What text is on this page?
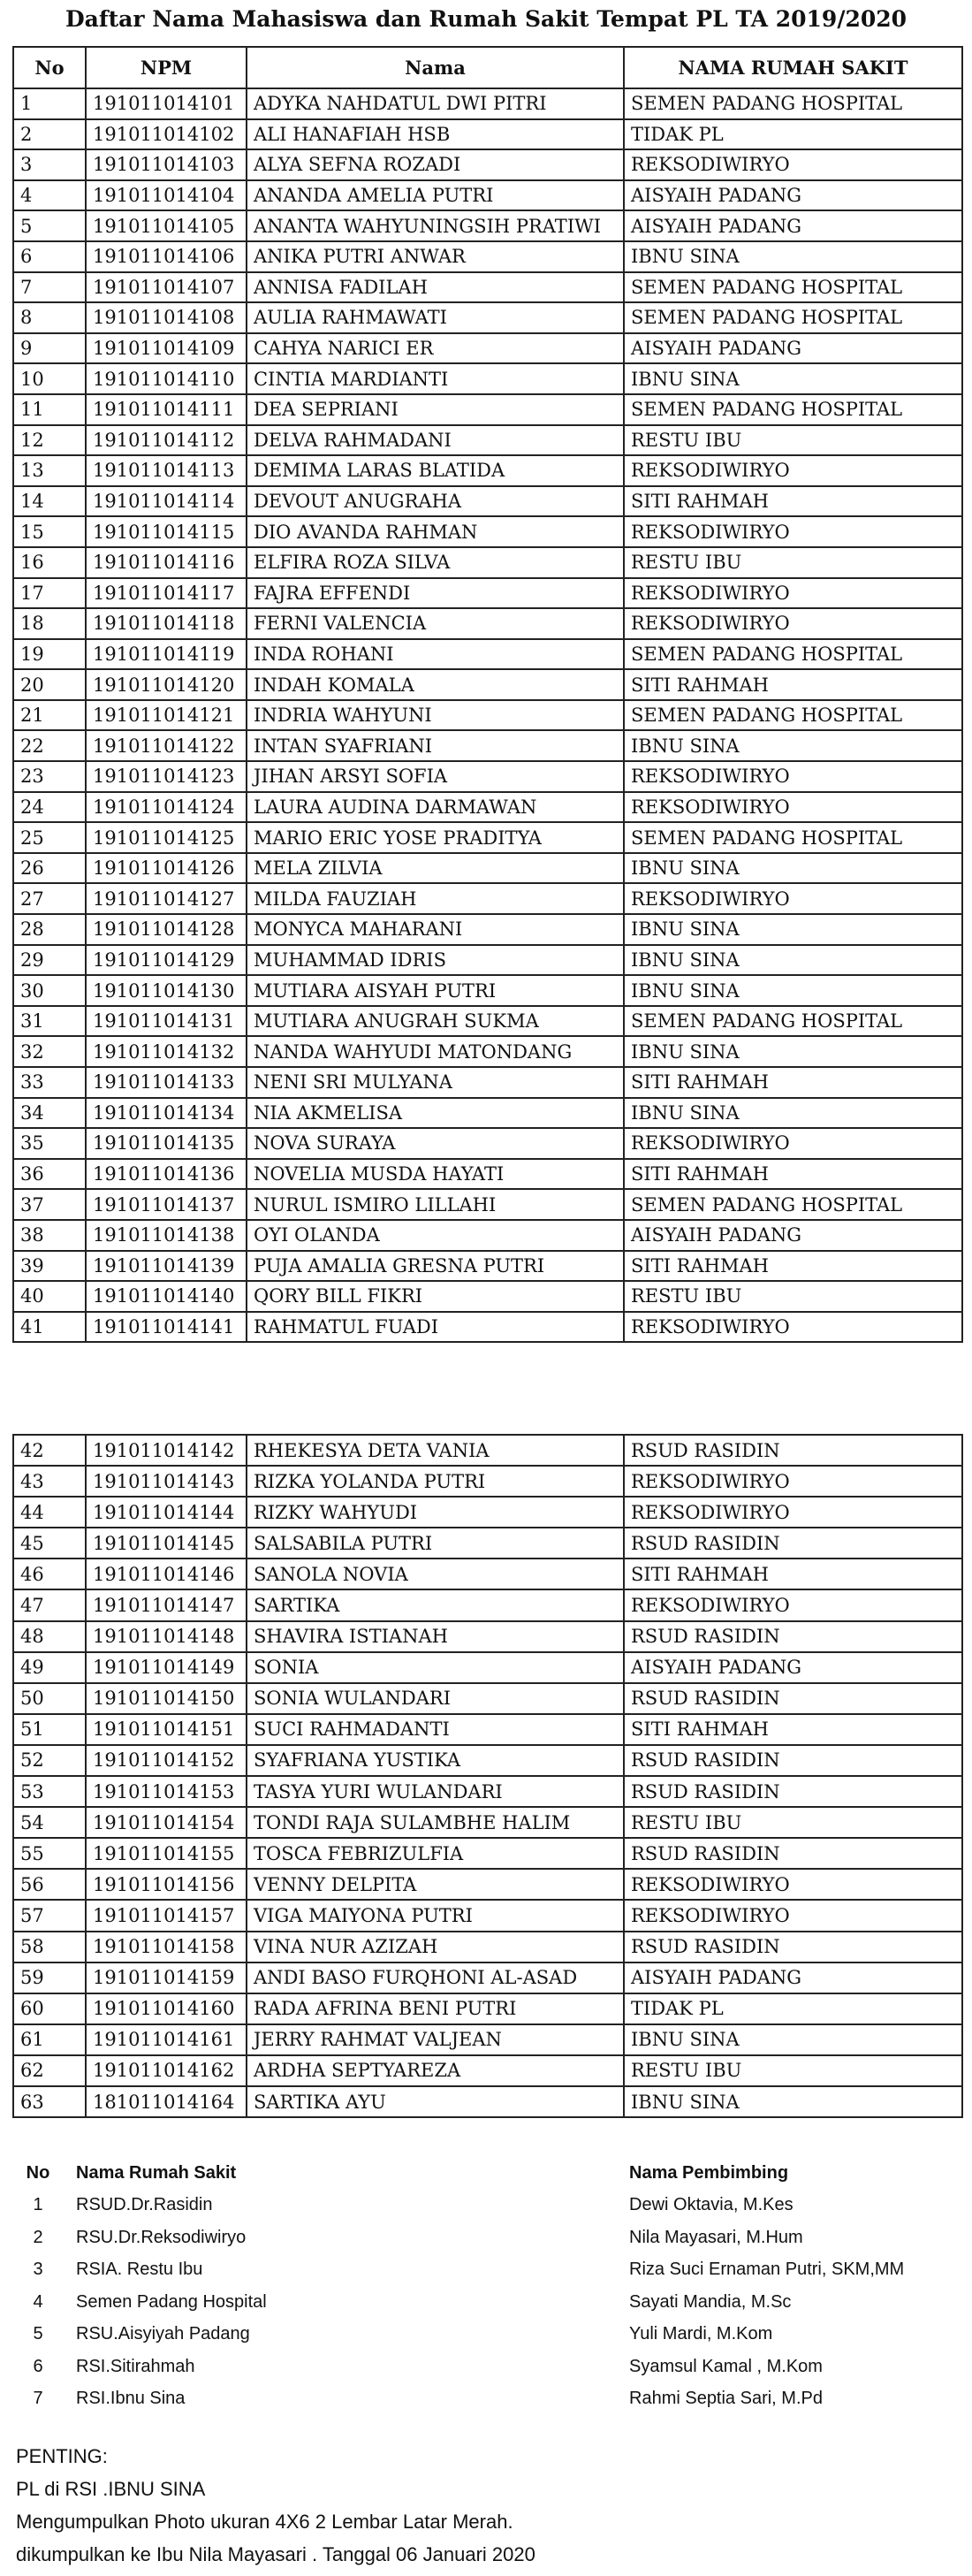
Daftar Nama Mahasiswa dan Rumah Sakit Tempat PL TA 2019/2020
No	NPM	Nama	NAMA RUMAH SAKIT
1	191011014101	ADYKA NAHDATUL DWI PITRI	SEMEN PADANG HOSPITAL
2	191011014102	ALI HANAFIAH HSB	TIDAK PL
3	191011014103	ALYA SEFNA ROZADI	REKSODIWIRYO
4	191011014104	ANANDA AMELIA PUTRI	AISYAIH PADANG
5	191011014105	ANANTA WAHYUNINGSIH PRATIWI	AISYAIH PADANG
6	191011014106	ANIKA PUTRI ANWAR	IBNU SINA
7	191011014107	ANNISA FADILAH	SEMEN PADANG HOSPITAL
8	191011014108	AULIA RAHMAWATI	SEMEN PADANG HOSPITAL
9	191011014109	CAHYA NARICI ER	AISYAIH PADANG
10	191011014110	CINTIA MARDIANTI	IBNU SINA
11	191011014111	DEA SEPRIANI	SEMEN PADANG HOSPITAL
12	191011014112	DELVA RAHMADANI	RESTU IBU
13	191011014113	DEMIMA LARAS BLATIDA	REKSODIWIRYO
14	191011014114	DEVOUT ANUGRAHA	SITI RAHMAH
15	191011014115	DIO AVANDA RAHMAN	REKSODIWIRYO
16	191011014116	ELFIRA ROZA SILVA	RESTU IBU
17	191011014117	FAJRA EFFENDI	REKSODIWIRYO
18	191011014118	FERNI VALENCIA	REKSODIWIRYO
19	191011014119	INDA ROHANI	SEMEN PADANG HOSPITAL
20	191011014120	INDAH KOMALA	SITI RAHMAH
21	191011014121	INDRIA WAHYUNI	SEMEN PADANG HOSPITAL
22	191011014122	INTAN SYAFRIANI	IBNU SINA
23	191011014123	JIHAN ARSYI SOFIA	REKSODIWIRYO
24	191011014124	LAURA AUDINA DARMAWAN	REKSODIWIRYO
25	191011014125	MARIO ERIC YOSE PRADITYA	SEMEN PADANG HOSPITAL
26	191011014126	MELA ZILVIA	IBNU SINA
27	191011014127	MILDA FAUZIAH	REKSODIWIRYO
28	191011014128	MONYCA MAHARANI	IBNU SINA
29	191011014129	MUHAMMAD IDRIS	IBNU SINA
30	191011014130	MUTIARA AISYAH PUTRI	IBNU SINA
31	191011014131	MUTIARA ANUGRAH SUKMA	SEMEN PADANG HOSPITAL
32	191011014132	NANDA WAHYUDI MATONDANG	IBNU SINA
33	191011014133	NENI SRI MULYANA	SITI RAHMAH
34	191011014134	NIA AKMELISA	IBNU SINA
35	191011014135	NOVA SURAYA	REKSODIWIRYO
36	191011014136	NOVELIA MUSDA HAYATI	SITI RAHMAH
37	191011014137	NURUL ISMIRO LILLAHI	SEMEN PADANG HOSPITAL
38	191011014138	OYI OLANDA	AISYAIH PADANG
39	191011014139	PUJA AMALIA GRESNA PUTRI	SITI RAHMAH
40	191011014140	QORY BILL FIKRI	RESTU IBU
41	191011014141	RAHMATUL FUADI	REKSODIWIRYO
42	191011014142	RHEKESYA DETA VANIA	RSUD RASIDIN
43	191011014143	RIZKA YOLANDA PUTRI	REKSODIWIRYO
44	191011014144	RIZKY WAHYUDI	REKSODIWIRYO
45	191011014145	SALSABILA PUTRI	RSUD RASIDIN
46	191011014146	SANOLA NOVIA	SITI RAHMAH
47	191011014147	SARTIKA	REKSODIWIRYO
48	191011014148	SHAVIRA ISTIANAH	RSUD RASIDIN
49	191011014149	SONIA	AISYAIH PADANG
50	191011014150	SONIA WULANDARI	RSUD RASIDIN
51	191011014151	SUCI RAHMADANTI	SITI RAHMAH
52	191011014152	SYAFRIANA YUSTIKA	RSUD RASIDIN
53	191011014153	TASYA YURI WULANDARI	RSUD RASIDIN
54	191011014154	TONDI RAJA SULAMBHE HALIM	RESTU IBU
55	191011014155	TOSCA FEBRIZULFIA	RSUD RASIDIN
56	191011014156	VENNY DELPITA	REKSODIWIRYO
57	191011014157	VIGA MAIYONA PUTRI	REKSODIWIRYO
58	191011014158	VINA NUR AZIZAH	RSUD RASIDIN
59	191011014159	ANDI BASO FURQHONI AL-ASAD	AISYAIH PADANG
60	191011014160	RADA AFRINA BENI PUTRI	TIDAK PL
61	191011014161	JERRY RAHMAT VALJEAN	IBNU SINA
62	191011014162	ARDHA SEPTYAREZA	RESTU IBU
63	181011014164	SARTIKA AYU	IBNU SINA
No	Nama Rumah Sakit	Nama Pembimbing
1	RSUD.Dr.Rasidin	Dewi Oktavia, M.Kes
2	RSU.Dr.Reksodiwiryo	Nila Mayasari, M.Hum
3	RSIA. Restu Ibu	Riza Suci Ernaman Putri, SKM,MM
4	Semen Padang Hospital	Sayati Mandia, M.Sc
5	RSU.Aisyiyah Padang	Yuli Mardi, M.Kom
6	RSI.Sitirahmah	Syamsul Kamal , M.Kom
7	RSI.Ibnu Sina	Rahmi Septia Sari, M.Pd
PENTING:
PL di RSI .IBNU SINA
Mengumpulkan Photo ukuran 4X6 2 Lembar Latar Merah.
dikumpulkan ke Ibu Nila Mayasari . Tanggal 06 Januari 2020
